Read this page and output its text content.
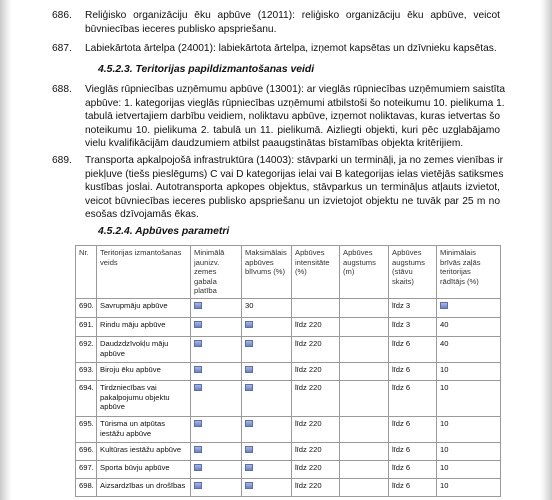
686.	Reliģisko organizāciju ēku apbūve (12011): reliģisko organizāciju ēku apbūve, veicot
būvniecības ieceres publisko apspriešanu.
687.	Labiekārtota ārtelpa (24001): labiekārtota ārtelpa, izņemot kapsētas un dzīvnieku kapsētas.
4.5.2.3. Teritorijas papildizmantošanas veidi
688.	Vieglās rūpniecības uzņēmumu apbūve (13001): ar vieglās rūpniecības uzņēmumiem saistīta
apbūve: 1. kategorijas vieglās rūpniecības uzņēmumi atbilstoši šo noteikumu 10. pielikuma 1.
tabulā ietvertajiem darbību veidiem, noliktavu apbūve, izņemot noliktavas, kuras ietvertas šo
noteikumu 10. pielikuma 2. tabulā un 11. pielikumā. Aizliegti objekti, kuri pēc uzglabājamo
vielu kvalifikācijām daudzumiem atbilst paaugstinātas bīstamības objekta kritērijiem.
689.	Transporta apkalpojošā infrastruktūra (14003): stāvparki un termināļi, ja no zemes vienības ir
piekļuve (tiešs pieslēgums) C vai D kategorijas ielai vai B kategorijas ielas vietējās satiksmes
kustības joslai. Autotransporta apkopes objektus, stāvparkus un termināļus atļauts izvietot,
veicot būvniecības ieceres publisko apspriešanu un izvietojot objektu ne tuvāk par 25 m no
esošas dzīvojamās ēkas.
4.5.2.4. Apbūves parametri
Nr.	Teritorijas izmantošanas veids	Minimālā jaunizv. zemes gabala platība	Maksimālais apbūves blīvums (%)	Apbūves intensitāte (%)	Apbūves augstums (m)	Apbūves augstums (stāvu skaits)	Minimālais brīvās zaļās teritorijas rādītājs (%)
690.	Savrupmāju apbūve		30			līdz 3	
691.	Rindu māju apbūve			līdz 220		līdz 3	40
692.	Daudzdzīvokļu māju apbūve			līdz 220		līdz 6	40
693.	Biroju ēku apbūve			līdz 220		līdz 6	10
694.	Tirdzniecības vai pakalpojumu objektu apbūve			līdz 220		līdz 6	10
695.	Tūrisma un atpūtas iestāžu apbūve			līdz 220		līdz 6	10
696.	Kultūras iestāžu apbūve			līdz 220		līdz 6	10
697.	Sporta būvju apbūve			līdz 220		līdz 6	10
698.	Aizsardzības un drošības			līdz 220		līdz 6	10
